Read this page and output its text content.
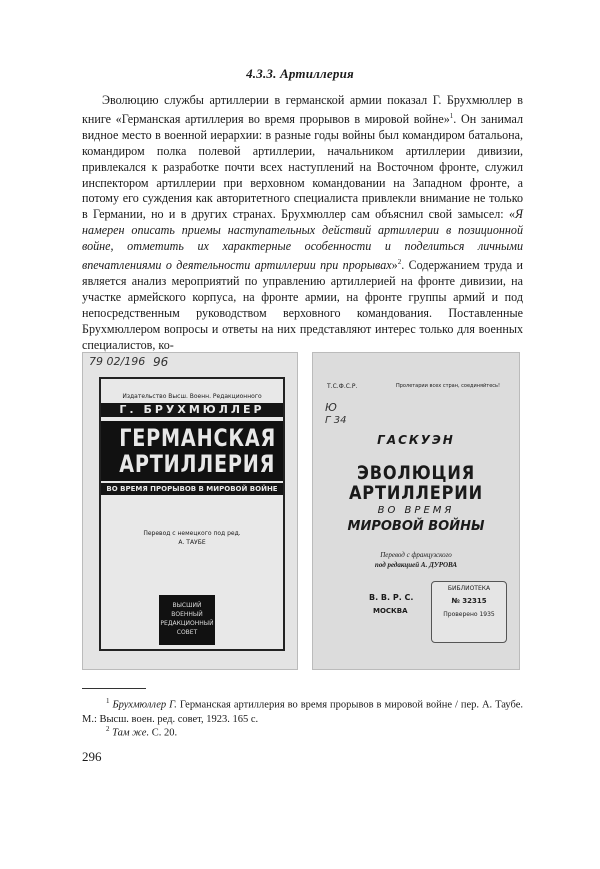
4.3.3. Артиллерия

Эволюцию службы артиллерии в германской армии показал Г. Брухмюллер в книге «Германская артиллерия во время прорывов в мировой войне»$^1$. Он занимал видное место в военной иерархии: в разные годы войны был командиром батальона, командиром полка полевой артиллерии, начальником артиллерии дивизии, привлекался к разработке почти всех наступлений на Восточном фронте, служил инспектором артиллерии при верховном командовании на Западном фронте, а потому его суждения как авторитетного специалиста привлекли внимание не только в Германии, но и в других странах. Брухмюллер сам объяснил свой замысел: «Я намерен описать приемы наступательных действий артиллерии в позиционной войне, отметить их характерные особенности и поделиться личными впечатлениями о деятельности артиллерии при прорывах»$^2$. Содержанием труда и является анализ мероприятий по управлению артиллерией на фронте дивизии, на участке армейского корпуса, на фронте армии, на фронте группы армий и под непосредственным руководством верховного командования. Поставленные Брухмюллером вопросы и ответы на них представляют интерес только для военных специалистов, ко-

79 02/196 96
Издательство Высш. Военн. Редакционного
Г. БРУХМЮЛЛЕР
ГЕРМАНСКАЯ
АРТИЛЛЕРИЯ
ВО ВРЕМЯ ПРОРЫВОВ В МИРОВОЙ ВОЙНЕ
Перевод с немецкого под ред. А. ТАУБЕ
ВЫСШИЙ
ВОЕННЫЙ
РЕДАКЦИОННЫЙ
СОВЕТ
Т.С.Ф.С.Р.	Пролетарии всех стран, соединяйтесь!
Ю
Г 34
ГАСКУЭН
ЭВОЛЮЦИЯ
АРТИЛЛЕРИИ
ВО ВРЕМЯ
МИРОВОЙ ВОЙНЫ
Перевод с французского
под редакцией А. ДУРОВА
В. В. Р. С.
МОСКВА
БИБЛИОТЕКА
№ 32315
Проверено 1935
$^1$ Брухмюллер Г. Германская артиллерия во время прорывов в мировой войне / пер. А. Таубе. М.: Высш. воен. ред. совет, 1923. 165 с.
$^2$ Там же. С. 20.
296
